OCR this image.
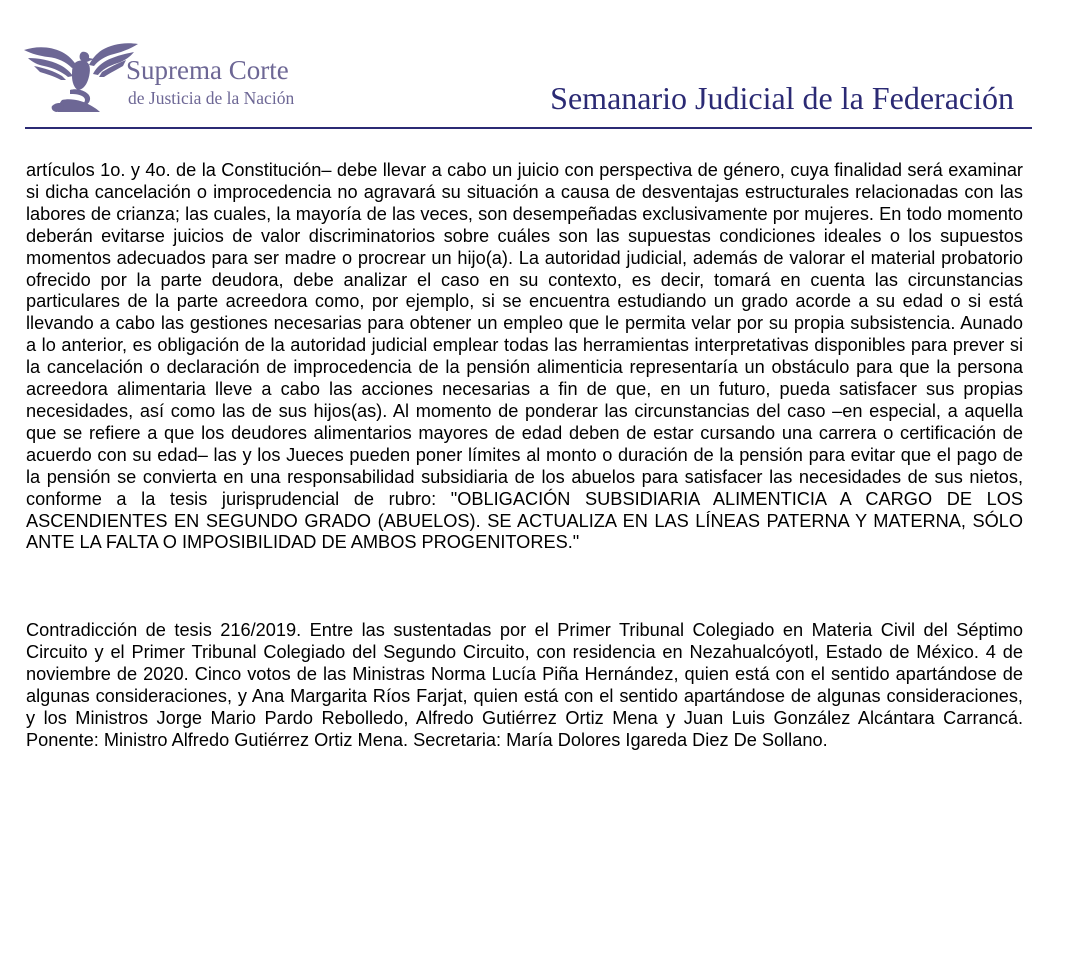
Suprema Corte
de Justicia de la Nación	Semanario Judicial de la Federación

artículos 1o. y 4o. de la Constitución– debe llevar a cabo un juicio con perspectiva de género, cuya finalidad será examinar si dicha cancelación o improcedencia no agravará su situación a causa de desventajas estructurales relacionadas con las labores de crianza; las cuales, la mayoría de las veces, son desempeñadas exclusivamente por mujeres. En todo momento deberán evitarse juicios de valor discriminatorios sobre cuáles son las supuestas condiciones ideales o los supuestos momentos adecuados para ser madre o procrear un hijo(a). La autoridad judicial, además de valorar el material probatorio ofrecido por la parte deudora, debe analizar el caso en su contexto, es decir, tomará en cuenta las circunstancias particulares de la parte acreedora como, por ejemplo, si se encuentra estudiando un grado acorde a su edad o si está llevando a cabo las gestiones necesarias para obtener un empleo que le permita velar por su propia subsistencia. Aunado a lo anterior, es obligación de la autoridad judicial emplear todas las herramientas interpretativas disponibles para prever si la cancelación o declaración de improcedencia de la pensión alimenticia representaría un obstáculo para que la persona acreedora alimentaria lleve a cabo las acciones necesarias a fin de que, en un futuro, pueda satisfacer sus propias necesidades, así como las de sus hijos(as). Al momento de ponderar las circunstancias del caso –en especial, a aquella que se refiere a que los deudores alimentarios mayores de edad deben de estar cursando una carrera o certificación de acuerdo con su edad– las y los Jueces pueden poner límites al monto o duración de la pensión para evitar que el pago de la pensión se convierta en una responsabilidad subsidiaria de los abuelos para satisfacer las necesidades de sus nietos, conforme a la tesis jurisprudencial de rubro: "OBLIGACIÓN SUBSIDIARIA ALIMENTICIA A CARGO DE LOS ASCENDIENTES EN SEGUNDO GRADO (ABUELOS). SE ACTUALIZA EN LAS LÍNEAS PATERNA Y MATERNA, SÓLO ANTE LA FALTA O IMPOSIBILIDAD DE AMBOS PROGENITORES."

Contradicción de tesis 216/2019. Entre las sustentadas por el Primer Tribunal Colegiado en Materia Civil del Séptimo Circuito y el Primer Tribunal Colegiado del Segundo Circuito, con residencia en Nezahualcóyotl, Estado de México. 4 de noviembre de 2020. Cinco votos de las Ministras Norma Lucía Piña Hernández, quien está con el sentido apartándose de algunas consideraciones, y Ana Margarita Ríos Farjat, quien está con el sentido apartándose de algunas consideraciones, y los Ministros Jorge Mario Pardo Rebolledo, Alfredo Gutiérrez Ortiz Mena y Juan Luis González Alcántara Carrancá. Ponente: Ministro Alfredo Gutiérrez Ortiz Mena. Secretaria: María Dolores Igareda Diez De Sollano.
